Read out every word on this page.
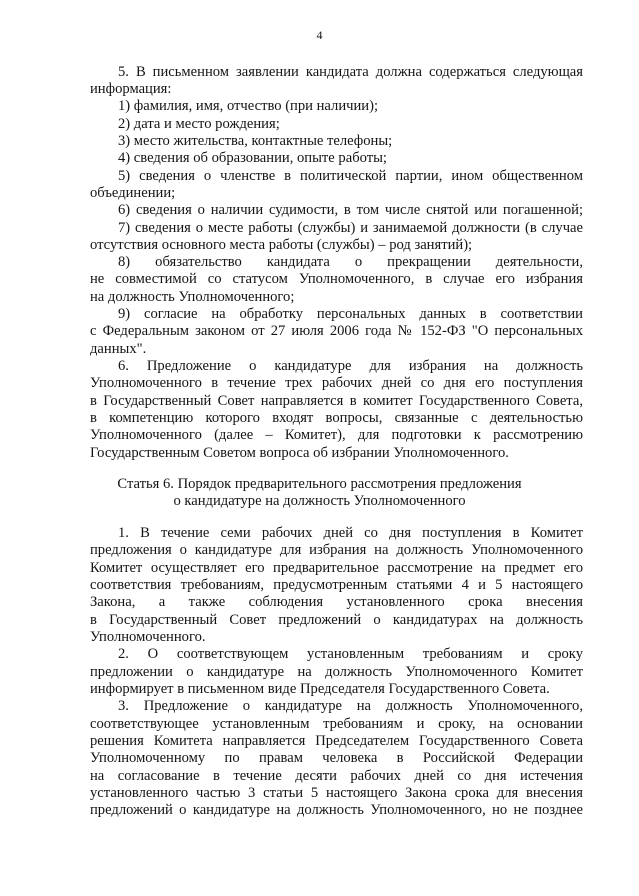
4
5. В письменном заявлении кандидата должна содержаться следующая
информация:
1) фамилия, имя, отчество (при наличии);
2) дата и место рождения;
3) место жительства, контактные телефоны;
4) сведения об образовании, опыте работы;
5) сведения о членстве в политической партии, ином общественном
объединении;
6) сведения о наличии судимости, в том числе снятой или погашенной;
7) сведения о месте работы (службы) и занимаемой должности (в случае
отсутствия основного места работы (службы) – род занятий);
8) обязательство кандидата о прекращении деятельности,
не совместимой со статусом Уполномоченного, в случае его избрания
на должность Уполномоченного;
9) согласие на обработку персональных данных в соответствии
с Федеральным законом от 27 июля 2006 года № 152-ФЗ "О персональных
данных".
6. Предложение о кандидатуре для избрания на должность
Уполномоченного в течение трех рабочих дней со дня его поступления
в Государственный Совет направляется в комитет Государственного Совета,
в компетенцию которого входят вопросы, связанные с деятельностью
Уполномоченного (далее – Комитет), для подготовки к рассмотрению
Государственным Советом вопроса об избрании Уполномоченного.
Статья 6. Порядок предварительного рассмотрения предложения
о кандидатуре на должность Уполномоченного
1. В течение семи рабочих дней со дня поступления в Комитет
предложения о кандидатуре для избрания на должность Уполномоченного
Комитет осуществляет его предварительное рассмотрение на предмет его
соответствия требованиям, предусмотренным статьями 4 и 5 настоящего
Закона, а также соблюдения установленного срока внесения
в Государственный Совет предложений о кандидатурах на должность
Уполномоченного.
2. О соответствующем установленным требованиям и сроку
предложении о кандидатуре на должность Уполномоченного Комитет
информирует в письменном виде Председателя Государственного Совета.
3. Предложение о кандидатуре на должность Уполномоченного,
соответствующее установленным требованиям и сроку, на основании
решения Комитета направляется Председателем Государственного Совета
Уполномоченному по правам человека в Российской Федерации
на согласование в течение десяти рабочих дней со дня истечения
установленного частью 3 статьи 5 настоящего Закона срока для внесения
предложений о кандидатуре на должность Уполномоченного, но не позднее
